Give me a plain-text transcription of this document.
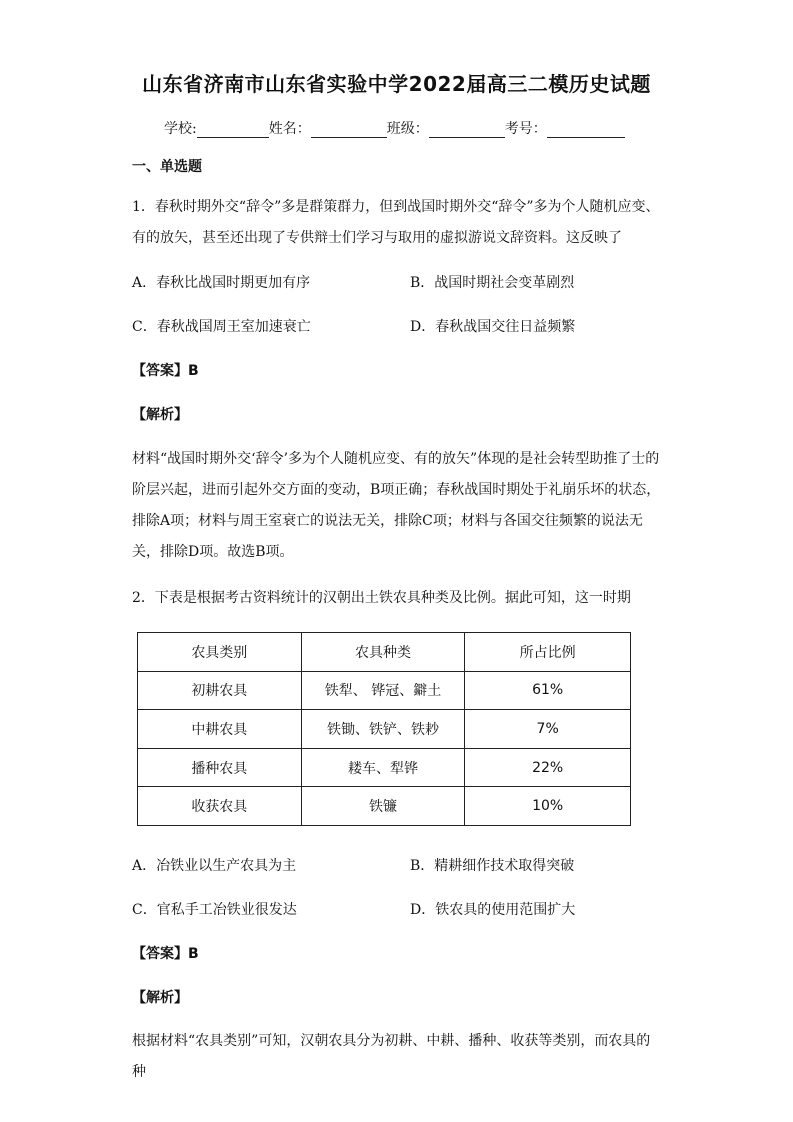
山东省济南市山东省实验中学2022届高三二模历史试题
学校:	姓名：	班级：	考号：
一、单选题
1．春秋时期外交“辞令”多是群策群力，但到战国时期外交“辞令”多为个人随机应变、有的放矢，甚至还出现了专供辩士们学习与取用的虚拟游说文辞资料。这反映了
A．春秋比战国时期更加有序	B．战国时期社会变革剧烈
C．春秋战国周王室加速衰亡	D．春秋战国交往日益频繁
【答案】B
【解析】
材料“战国时期外交‘辞令’多为个人随机应变、有的放矢”体现的是社会转型助推了士的阶层兴起，进而引起外交方面的变动，B项正确；春秋战国时期处于礼崩乐坏的状态，排除A项；材料与周王室衰亡的说法无关，排除C项；材料与各国交往频繁的说法无关，排除D项。故选B项。
2．下表是根据考古资料统计的汉朝出土铁农具种类及比例。据此可知，这一时期
农具类别	农具种类	所占比例
初耕农具	铁犁、 铧冠、鐴土	61%
中耕农具	铁锄、铁铲、铁耖	7%
播种农具	耧车、犁铧	22%
收获农具	铁镰	10%
A．冶铁业以生产农具为主	B．精耕细作技术取得突破
C．官私手工冶铁业很发达	D．铁农具的使用范围扩大
【答案】B
【解析】
根据材料“农具类别”可知，汉朝农具分为初耕、中耕、播种、收获等类别，而农具的种
